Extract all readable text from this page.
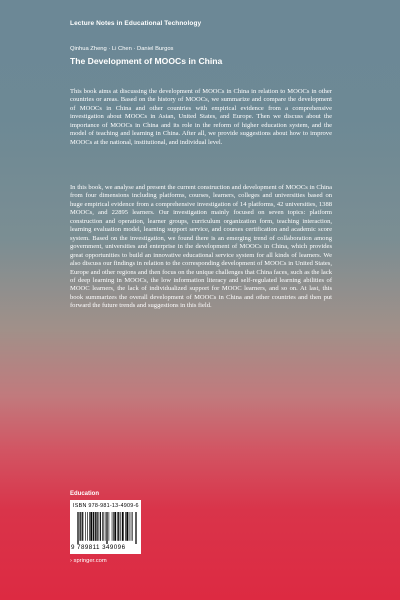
Lecture Notes in Educational Technology
Qinhua Zheng · Li Chen · Daniel Burgos
The Development of MOOCs in China

This book aims at discussing the development of MOOCs in China in relation to MOOCs in other countries or areas. Based on the history of MOOCs, we summarize and compare the development of MOOCs in China and other countries with empirical evidence from a comprehensive investigation about MOOCs in Asian, United States, and Europe. Then we discuss about the importance of MOOCs in China and its role in the reform of higher education system, and the model of teaching and learning in China. After all, we provide suggestions about how to improve MOOCs at the national, institutional, and individual level.

In this book, we analyse and present the current construction and development of MOOCs in China from four dimensions including platforms, courses, learners, colleges and universities based on huge empirical evidence from a comprehensive investigation of 14 platforms, 42 universities, 1388 MOOCs, and 22895 learners. Our investigation mainly focused on seven topics: platform construction and operation, learner groups, curriculum organization form, teaching interaction, learning evaluation model, learning support service, and courses certification and academic score system. Based on the investigation, we found there is an emerging trend of collaboration among government, universities and enterprise in the development of MOOCs in China, which provides great opportunities to build an innovative educational service system for all kinds of learners. We also discuss our findings in relation to the corresponding development of MOOCs in United States, Europe and other regions and then focus on the unique challenges that China faces, such as the lack of deep learning in MOOCs, the low information literacy and self-regulated learning abilities of MOOC learners, the lack of individualized support for MOOC learners, and so on. At last, this book summarizes the overall development of MOOCs in China and other countries and then put forward the future trends and suggestions in this field.

Education
ISBN 978-981-13-4909-6
9 789811 349096
› springer.com
